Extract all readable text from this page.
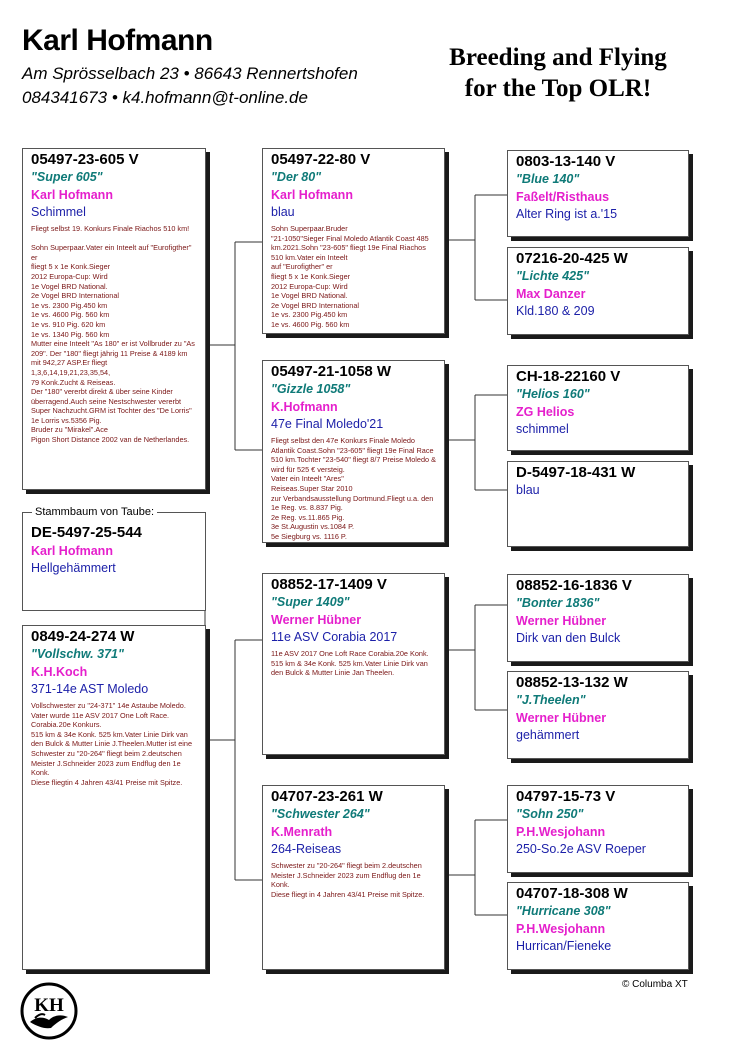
Karl Hofmann
Am Sprösselbach 23 • 86643 Rennertshofen
084341673 • k4.hofmann@t-online.de
Breeding and Flying
for the Top OLR!
05497-23-605 V
"Super 605"
Karl Hofmann
Schimmel
Fliegt selbst 19. Konkurs Finale Riachos 510 km!

Sohn Superpaar.Vater ein Inteelt auf "Eurofigther" er
fliegt 5 x 1e Konk.Sieger
2012 Europa-Cup: Wird
1e Vogel BRD National.
2e Vogel BRD International
1e vs. 2300 Pig.450 km
1e vs. 4600 Pig. 560 km
1e vs. 910 Pig. 620 km
1e vs. 1340 Pig. 560 km
Mutter eine Inteelt "As 180" er ist Vollbruder zu "As 209". Der "180" fliegt jährig 11 Preise & 4189 km mit 942,27 ASP.Er fliegt
1,3,6,14,19,21,23,35,54,
79 Konk.Zucht & Reiseas.
Der "180" vererbt direkt & über seine Kinder überragend.Auch seine Nestschwester vererbt Super Nachzucht.GRM ist Tochter des "De Lorris"
1e Lorris vs.5356 Pig.
Bruder zu "Mirakel".Ace
Pigon Short Distance 2002 van de Netherlandes.
DE-5497-25-544
Karl Hofmann
Hellgehämmert
Stammbaum von Taube:
0849-24-274 W
"Vollschw. 371"
K.H.Koch
371-14e AST Moledo
Vollschwester zu "24-371" 14e Astaube Moledo. Vater wurde 11e ASV 2017 One Loft Race. Corabia.20e Konkurs.
515 km & 34e Konk. 525 km.Vater Linie Dirk van den Bulck & Mutter Linie J.Theelen.Mutter ist eine Schwester zu "20-264" fliegt beim 2.deutschen Meister J.Schneider 2023 zum Endflug den 1e Konk.
Diese fliegtin 4 Jahren 43/41 Preise mit Spitze.
05497-22-80 V
"Der 80"
Karl Hofmann
blau
Sohn Superpaar.Bruder
"21-1050"Sieger Final Moledo Atlantik Coast 485 km.2021.Sohn "23-605" fliegt 19e Final Riachos 510 km.Vater ein Inteelt
auf "Eurofigther" er
fliegt 5 x 1e Konk.Sieger
2012 Europa-Cup: Wird
1e Vogel BRD National.
2e Vogel BRD International
1e vs. 2300 Pig.450 km
1e vs. 4600 Pig. 560 km
05497-21-1058 W
"Gizzle 1058"
K.Hofmann
47e Final Moledo'21
Fliegt selbst den 47e Konkurs Finale Moledo Atlantik Coast.Sohn "23-605" fliegt 19e Final Race 510 km.Tochter "23-540" fliegt 8/7 Preise Moledo & wird für 525 € versteig.
Vater ein Inteelt "Ares"
Reiseas.Super Star 2010
zur Verbandsausstellung Dortmund.Fliegt u.a. den
1e Reg. vs. 8.837 Pig.
2e Reg. vs.11.865 Pig.
3e St.Augustin vs.1084 P.
5e Siegburg vs. 1116 P.
08852-17-1409 V
"Super 1409"
Werner Hübner
11e ASV Corabia 2017
11e ASV 2017 One Loft Race Corabia.20e Konk. 515 km & 34e Konk. 525 km.Vater Linie Dirk van den Bulck & Mutter Linie Jan Theelen.
04707-23-261 W
"Schwester 264"
K.Menrath
264-Reiseas
Schwester zu "20-264" fliegt beim 2.deutschen Meister J.Schneider 2023 zum Endflug den 1e Konk.
Diese fliegt in 4 Jahren 43/41 Preise mit Spitze.
0803-13-140 V
"Blue 140"
Faßelt/Risthaus
Alter Ring ist a.'15
07216-20-425 W
"Lichte 425"
Max Danzer
Kld.180 & 209
CH-18-22160 V
"Helios 160"
ZG Helios
schimmel
D-5497-18-431 W
blau
08852-16-1836 V
"Bonter 1836"
Werner Hübner
Dirk van den Bulck
08852-13-132 W
"J.Theelen"
Werner Hübner
gehämmert
04797-15-73 V
"Sohn 250"
P.H.Wesjohann
250-So.2e ASV Roeper
04707-18-308 W
"Hurricane 308"
P.H.Wesjohann
Hurrican/Fieneke
© Columba XT
KH
